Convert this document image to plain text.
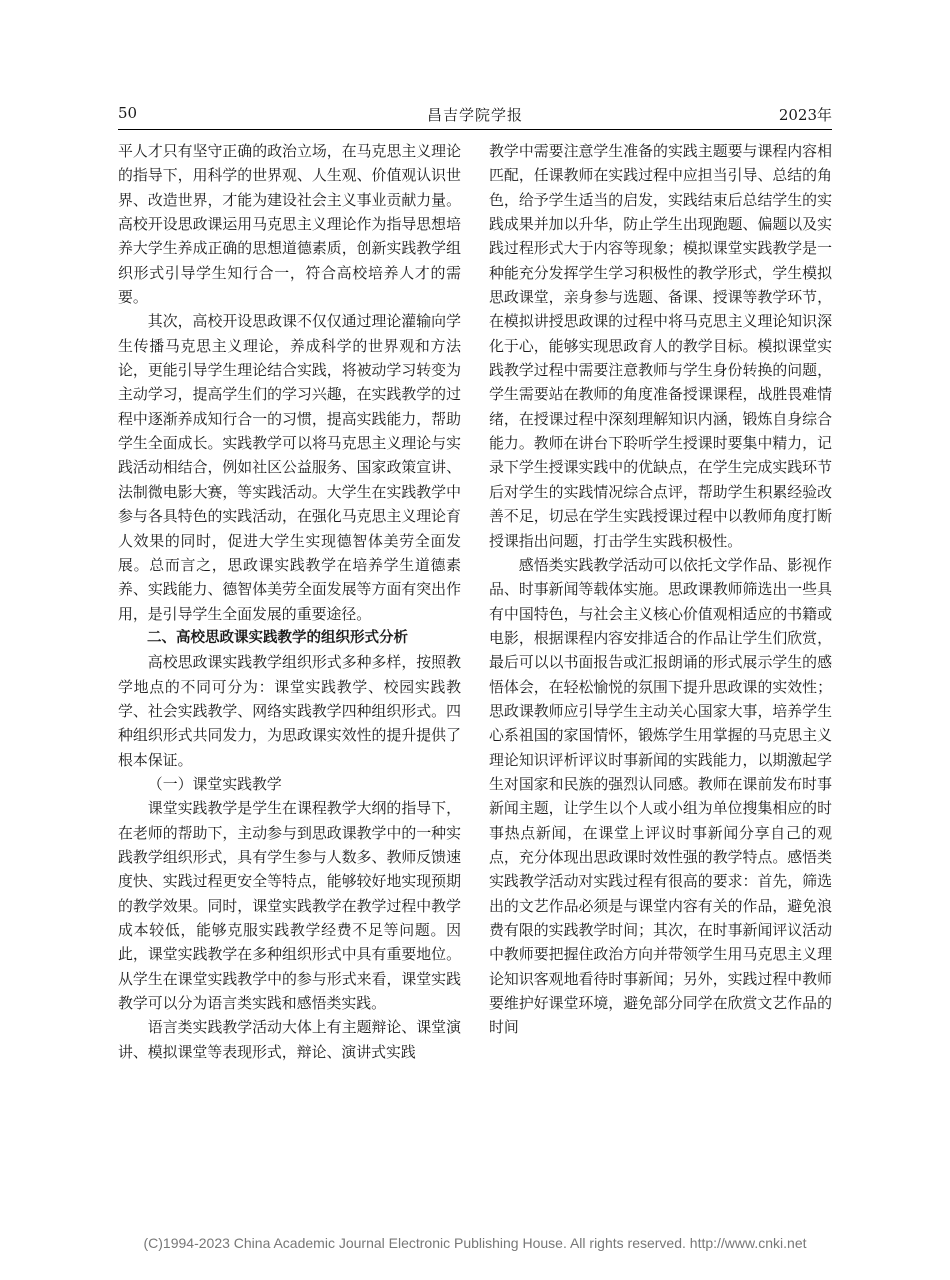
50	昌吉学院学报	2023年

平人才只有坚守正确的政治立场，在马克思主义理论的指导下，用科学的世界观、人生观、价值观认识世界、改造世界，才能为建设社会主义事业贡献力量。高校开设思政课运用马克思主义理论作为指导思想培养大学生养成正确的思想道德素质，创新实践教学组织形式引导学生知行合一，符合高校培养人才的需要。

其次，高校开设思政课不仅仅通过理论灌输向学生传播马克思主义理论，养成科学的世界观和方法论，更能引导学生理论结合实践，将被动学习转变为主动学习，提高学生们的学习兴趣，在实践教学的过程中逐渐养成知行合一的习惯，提高实践能力，帮助学生全面成长。实践教学可以将马克思主义理论与实践活动相结合，例如社区公益服务、国家政策宣讲、法制微电影大赛，等实践活动。大学生在实践教学中参与各具特色的实践活动，在强化马克思主义理论育人效果的同时，促进大学生实现德智体美劳全面发展。总而言之，思政课实践教学在培养学生道德素养、实践能力、德智体美劳全面发展等方面有突出作用，是引导学生全面发展的重要途径。

二、高校思政课实践教学的组织形式分析

高校思政课实践教学组织形式多种多样，按照教学地点的不同可分为：课堂实践教学、校园实践教学、社会实践教学、网络实践教学四种组织形式。四种组织形式共同发力，为思政课实效性的提升提供了根本保证。

（一）课堂实践教学

课堂实践教学是学生在课程教学大纲的指导下，在老师的帮助下，主动参与到思政课教学中的一种实践教学组织形式，具有学生参与人数多、教师反馈速度快、实践过程更安全等特点，能够较好地实现预期的教学效果。同时，课堂实践教学在教学过程中教学成本较低，能够克服实践教学经费不足等问题。因此，课堂实践教学在多种组织形式中具有重要地位。从学生在课堂实践教学中的参与形式来看，课堂实践教学可以分为语言类实践和感悟类实践。

语言类实践教学活动大体上有主题辩论、课堂演讲、模拟课堂等表现形式，辩论、演讲式实践

教学中需要注意学生准备的实践主题要与课程内容相匹配，任课教师在实践过程中应担当引导、总结的角色，给予学生适当的启发，实践结束后总结学生的实践成果并加以升华，防止学生出现跑题、偏题以及实践过程形式大于内容等现象；模拟课堂实践教学是一种能充分发挥学生学习积极性的教学形式，学生模拟思政课堂，亲身参与选题、备课、授课等教学环节，在模拟讲授思政课的过程中将马克思主义理论知识深化于心，能够实现思政育人的教学目标。模拟课堂实践教学过程中需要注意教师与学生身份转换的问题，学生需要站在教师的角度准备授课课程，战胜畏难情绪，在授课过程中深刻理解知识内涵，锻炼自身综合能力。教师在讲台下聆听学生授课时要集中精力，记录下学生授课实践中的优缺点，在学生完成实践环节后对学生的实践情况综合点评，帮助学生积累经验改善不足，切忌在学生实践授课过程中以教师角度打断授课指出问题，打击学生实践积极性。

感悟类实践教学活动可以依托文学作品、影视作品、时事新闻等载体实施。思政课教师筛选出一些具有中国特色，与社会主义核心价值观相适应的书籍或电影，根据课程内容安排适合的作品让学生们欣赏，最后可以以书面报告或汇报朗诵的形式展示学生的感悟体会，在轻松愉悦的氛围下提升思政课的实效性；思政课教师应引导学生主动关心国家大事，培养学生心系祖国的家国情怀，锻炼学生用掌握的马克思主义理论知识评析评议时事新闻的实践能力，以期激起学生对国家和民族的强烈认同感。教师在课前发布时事新闻主题，让学生以个人或小组为单位搜集相应的时事热点新闻，在课堂上评议时事新闻分享自己的观点，充分体现出思政课时效性强的教学特点。感悟类实践教学活动对实践过程有很高的要求：首先，筛选出的文艺作品必须是与课堂内容有关的作品，避免浪费有限的实践教学时间；其次，在时事新闻评议活动中教师要把握住政治方向并带领学生用马克思主义理论知识客观地看待时事新闻；另外，实践过程中教师要维护好课堂环境，避免部分同学在欣赏文艺作品的时间

(C)1994-2023 China Academic Journal Electronic Publishing House. All rights reserved. http://www.cnki.net
